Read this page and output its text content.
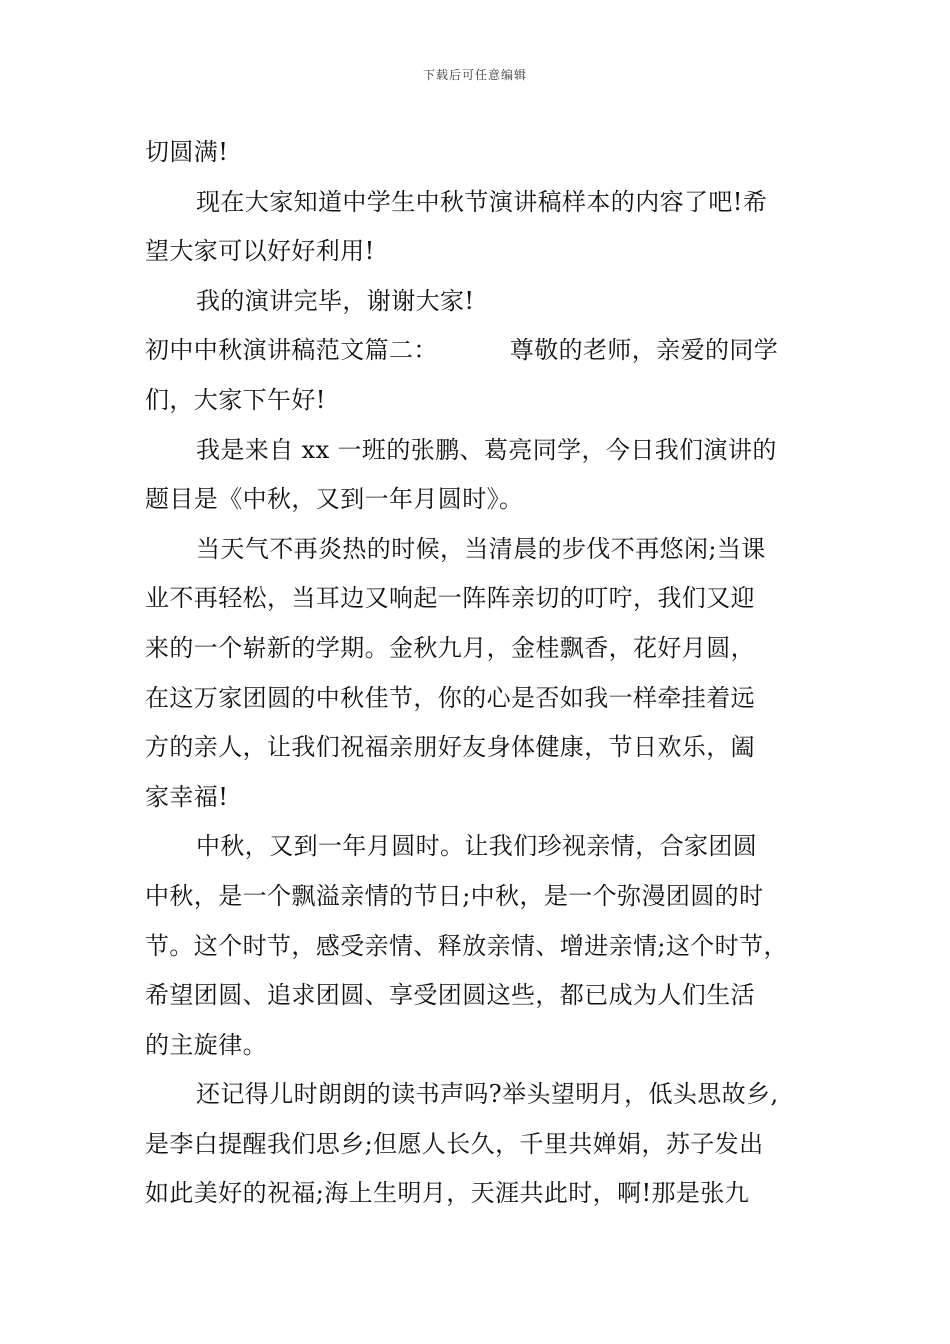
下载后可任意编辑
切圆满!
现在大家知道中学生中秋节演讲稿样本的内容了吧!希
望大家可以好好利用!
我的演讲完毕，谢谢大家!
初中中秋演讲稿范文篇二：	尊敬的老师，亲爱的同学
们，大家下午好!
我是来自 xx 一班的张鹏、葛亮同学，今日我们演讲的
题目是《中秋，又到一年月圆时》。
当天气不再炎热的时候，当清晨的步伐不再悠闲;当课
业不再轻松，当耳边又响起一阵阵亲切的叮咛，我们又迎
来的一个崭新的学期。金秋九月，金桂飘香，花好月圆，
在这万家团圆的中秋佳节，你的心是否如我一样牵挂着远
方的亲人，让我们祝福亲朋好友身体健康，节日欢乐，阖
家幸福!
中秋，又到一年月圆时。让我们珍视亲情，合家团圆
中秋，是一个飘溢亲情的节日;中秋，是一个弥漫团圆的时
节。这个时节，感受亲情、释放亲情、增进亲情;这个时节，
希望团圆、追求团圆、享受团圆这些，都已成为人们生活
的主旋律。
还记得儿时朗朗的读书声吗?举头望明月，低头思故乡,
是李白提醒我们思乡;但愿人长久，千里共婵娟，苏子发出
如此美好的祝福;海上生明月，天涯共此时，啊!那是张九
